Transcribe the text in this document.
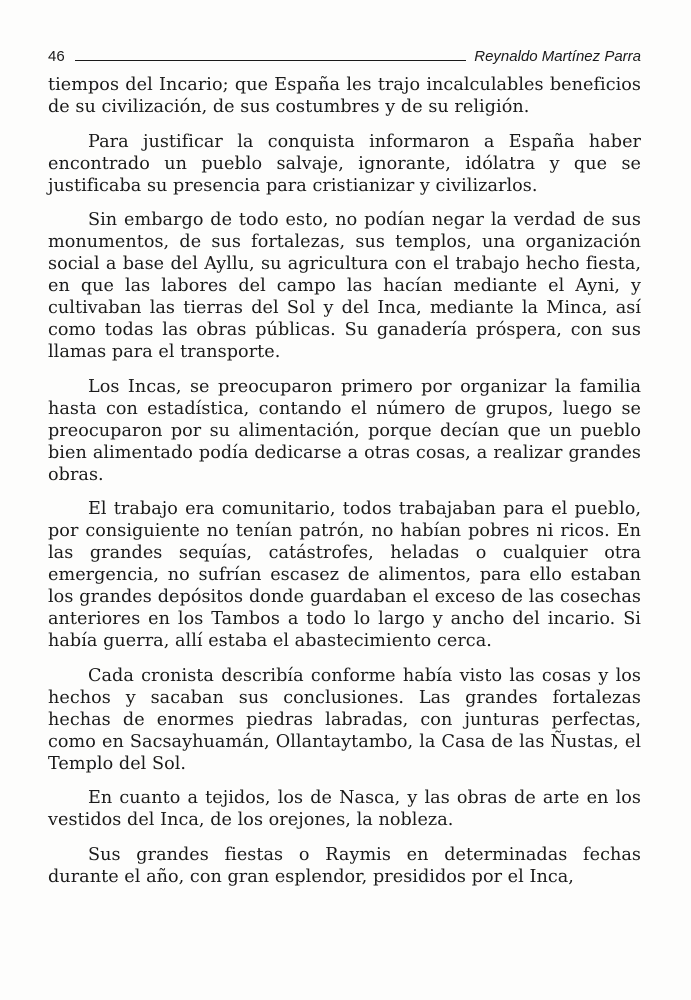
46	Reynaldo Martínez Parra

tiempos del Incario; que España les trajo incalculables beneficios de su civilización, de sus costumbres y de su religión.

Para justificar la conquista informaron a España haber encontrado un pueblo salvaje, ignorante, idólatra y que se justificaba su presencia para cristianizar y civilizarlos.

Sin embargo de todo esto, no podían negar la verdad de sus monumentos, de sus fortalezas, sus templos, una organización social a base del Ayllu, su agricultura con el trabajo hecho fiesta, en que las labores del campo las hacían mediante el Ayni, y cultivaban las tierras del Sol y del Inca, mediante la Minca, así como todas las obras públicas. Su ganadería próspera, con sus llamas para el transporte.

Los Incas, se preocuparon primero por organizar la familia hasta con estadística, contando el número de grupos, luego se preocuparon por su alimentación, porque decían que un pueblo bien alimentado podía dedicarse a otras cosas, a realizar grandes obras.

El trabajo era comunitario, todos trabajaban para el pueblo, por consiguiente no tenían patrón, no habían pobres ni ricos. En las grandes sequías, catástrofes, heladas o cualquier otra emergencia, no sufrían escasez de alimentos, para ello estaban los grandes depósitos donde guardaban el exceso de las cosechas anteriores en los Tambos a todo lo largo y ancho del incario. Si había guerra, allí estaba el abastecimiento cerca.

Cada cronista describía conforme había visto las cosas y los hechos y sacaban sus conclusiones. Las grandes fortalezas hechas de enormes piedras labradas, con junturas perfectas, como en Sacsayhuamán, Ollantaytambo, la Casa de las Ñustas, el Templo del Sol.

En cuanto a tejidos, los de Nasca, y las obras de arte en los vestidos del Inca, de los orejones, la nobleza.

Sus grandes fiestas o Raymis en determinadas fechas durante el año, con gran esplendor, presididos por el Inca,
